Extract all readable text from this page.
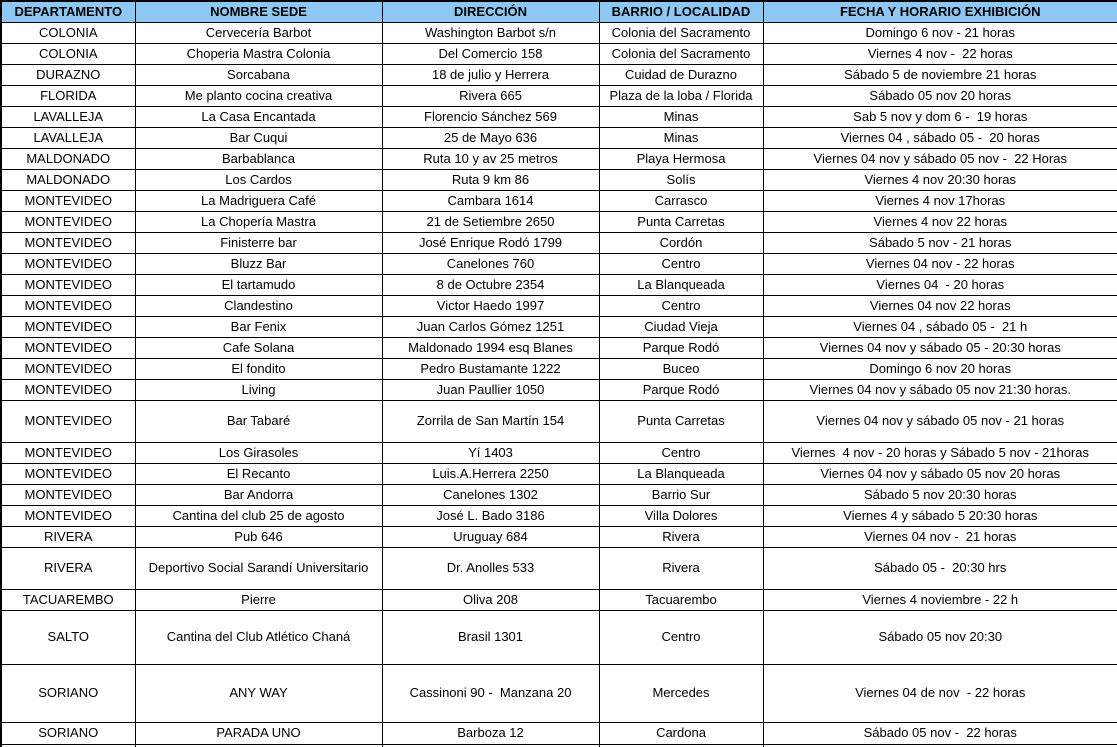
DEPARTAMENTO	NOMBRE SEDE	DIRECCIÓN	BARRIO / LOCALIDAD	FECHA Y HORARIO EXHIBICIÓN
COLONIA	Cervecería Barbot	Washington Barbot s/n	Colonia del Sacramento	Domingo 6 nov - 21 horas
COLONIA	Choperia Mastra Colonia	Del Comercio 158	Colonia del Sacramento	Viernes 4 nov -  22 horas
DURAZNO	Sorcabana	18 de julio y Herrera	Cuidad de Durazno	Sábado 5 de noviembre 21 horas
FLORIDA	Me planto cocina creativa	Rivera 665	Plaza de la loba / Florida	Sábado 05 nov 20 horas
LAVALLEJA	La Casa Encantada	Florencio Sánchez 569	Minas	Sab 5 nov y dom 6 -  19 horas
LAVALLEJA	Bar Cuqui	25 de Mayo 636	Minas	Viernes 04 , sábado 05 -  20 horas
MALDONADO	Barbablanca	Ruta 10 y av 25 metros	Playa Hermosa	Viernes 04 nov y sábado 05 nov -  22 Horas
MALDONADO	Los Cardos	Ruta 9 km 86	Solís	Viernes 4 nov 20:30 horas
MONTEVIDEO	La Madriguera Café	Cambara 1614	Carrasco	Viernes 4 nov 17horas
MONTEVIDEO	La Chopería Mastra	21 de Setiembre 2650	Punta Carretas	Viernes 4 nov 22 horas
MONTEVIDEO	Finisterre bar	José Enrique Rodó 1799	Cordón	Sábado 5 nov - 21 horas
MONTEVIDEO	Bluzz Bar	Canelones 760	Centro	Viernes 04 nov - 22 horas
MONTEVIDEO	El tartamudo	8 de Octubre 2354	La Blanqueada	Viernes 04  - 20 horas
MONTEVIDEO	Clandestino	Victor Haedo 1997	Centro	Viernes 04 nov 22 horas
MONTEVIDEO	Bar Fenix	Juan Carlos Gómez 1251	Ciudad Vieja	Viernes 04 , sábado 05 -  21 h
MONTEVIDEO	Cafe Solana	Maldonado 1994 esq Blanes	Parque Rodó	Viernes 04 nov y sábado 05 - 20:30 horas
MONTEVIDEO	El fondito	Pedro Bustamante 1222	Buceo	Domingo 6 nov 20 horas
MONTEVIDEO	Living	Juan Paullier 1050	Parque Rodó	Viernes 04 nov y sábado 05 nov 21:30 horas.
MONTEVIDEO	Bar Tabaré	Zorrila de San Martín 154	Punta Carretas	Viernes 04 nov y sábado 05 nov - 21 horas
MONTEVIDEO	Los Girasoles	Yí 1403	Centro	Viernes  4 nov - 20 horas y Sábado 5 nov - 21horas
MONTEVIDEO	El Recanto	Luis.A.Herrera 2250	La Blanqueada	Viernes 04 nov y sábado 05 nov 20 horas
MONTEVIDEO	Bar Andorra	Canelones 1302	Barrio Sur	Sábado 5 nov 20:30 horas
MONTEVIDEO	Cantina del club 25 de agosto	José L. Bado 3186	Villa Dolores	Viernes 4 y sábado 5 20:30 horas
RIVERA	Pub 646	Uruguay 684	Rivera	Viernes 04 nov -  21 horas
RIVERA	Deportivo Social Sarandí Universitario	Dr. Anolles 533	Rivera	Sábado 05 -  20:30 hrs
TACUAREMBO	Pierre	Oliva 208	Tacuarembo	Viernes 4 noviembre - 22 h
SALTO	Cantina del Club Atlético Chaná	Brasil 1301	Centro	Sábado 05 nov 20:30
SORIANO	ANY WAY	Cassinoni 90 -  Manzana 20	Mercedes	Viernes 04 de nov  - 22 horas
SORIANO	PARADA UNO	Barboza 12	Cardona	Sábado 05 nov -  22 horas
